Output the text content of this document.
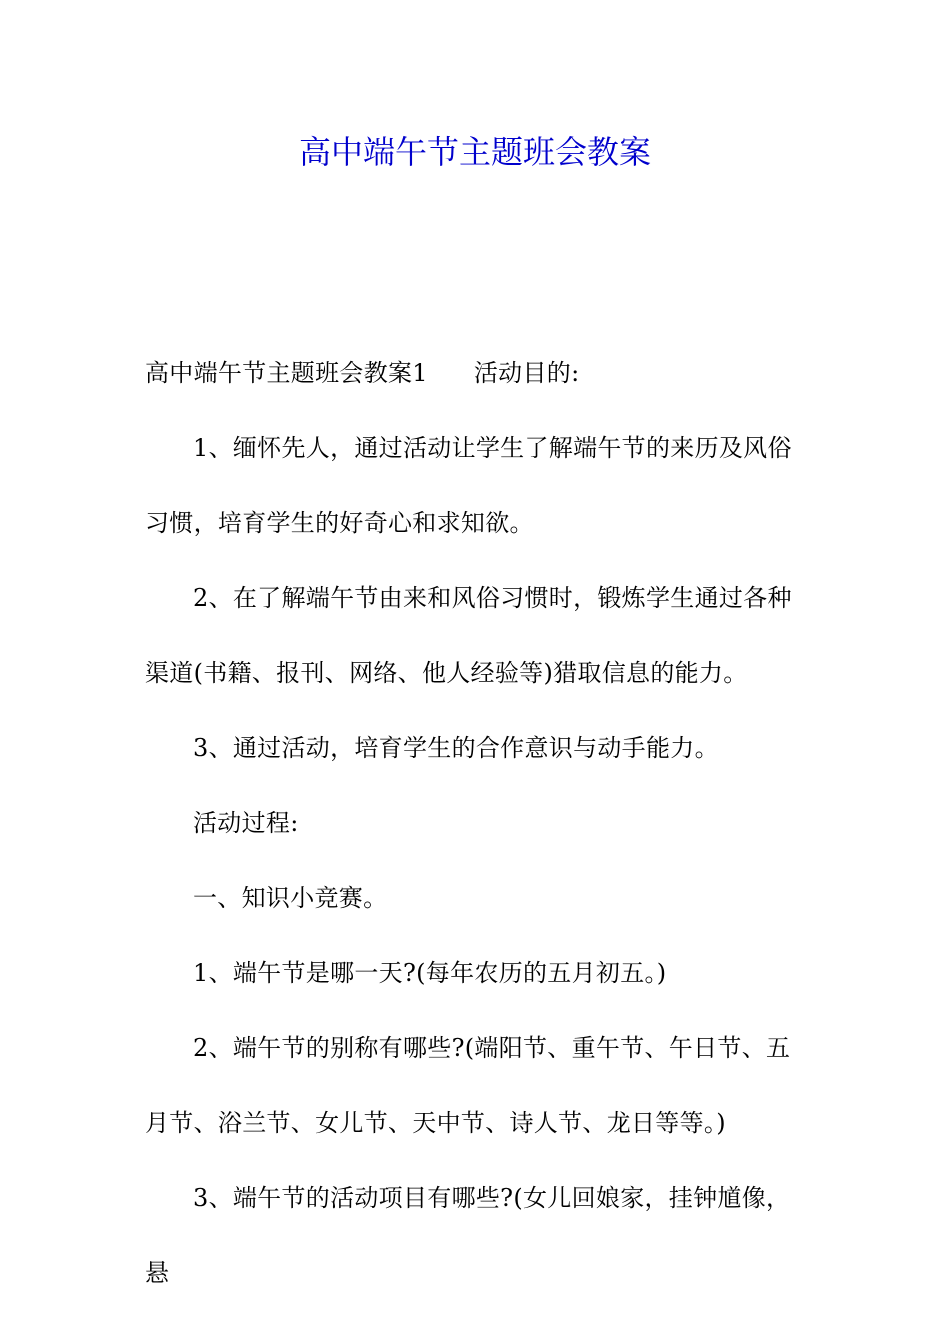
高中端午节主题班会教案

高中端午节主题班会教案1 活动目的:

1、缅怀先人，通过活动让学生了解端午节的来历及风俗习惯，培育学生的好奇心和求知欲。

2、在了解端午节由来和风俗习惯时，锻炼学生通过各种渠道(书籍、报刊、网络、他人经验等)猎取信息的能力。

3、通过活动，培育学生的合作意识与动手能力。

活动过程:

一、知识小竞赛。

1、端午节是哪一天?(每年农历的五月初五。)

2、端午节的别称有哪些?(端阳节、重午节、午日节、五月节、浴兰节、女儿节、天中节、诗人节、龙日等等。)

3、端午节的活动项目有哪些?(女儿回娘家，挂钟馗像，悬
